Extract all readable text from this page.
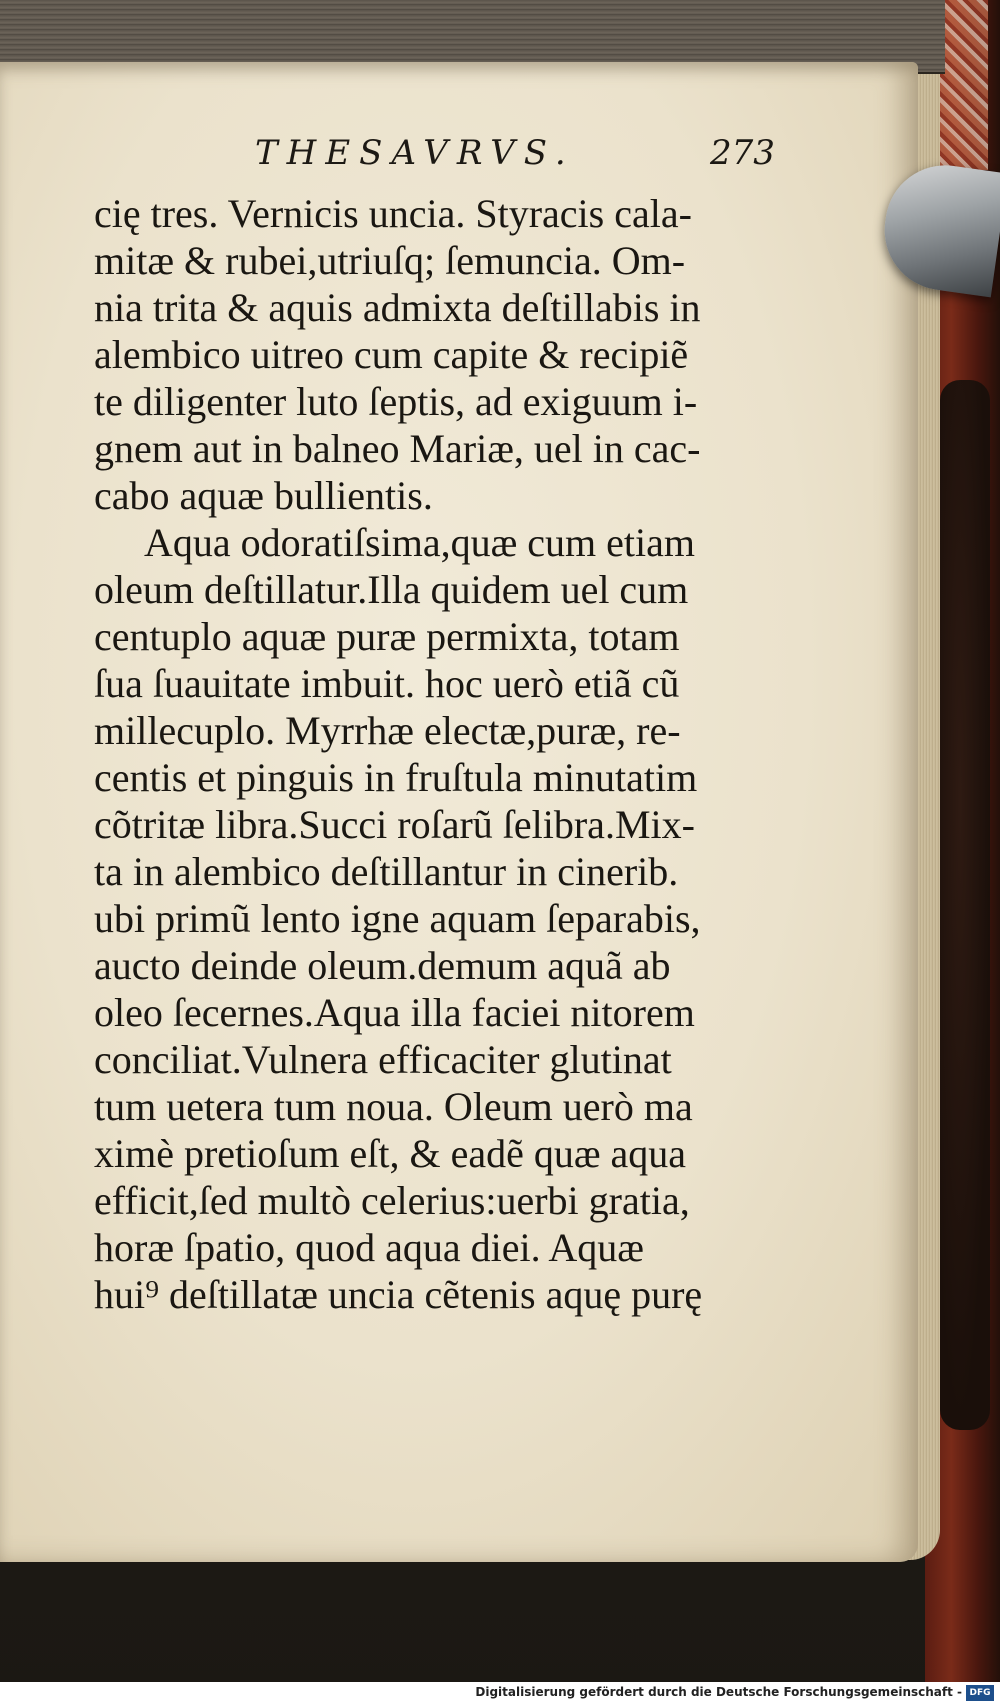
THESAVRVS.	273
cię tres. Vernicis uncia. Styracis cala-
mitæ & rubei,utriuſq; ſemuncia. Om-
nia trita & aquis admixta deſtillabis in
alembico uitreo cum capite & recipiẽ
te diligenter luto ſeptis, ad exiguum i-
gnem aut in balneo Mariæ, uel in cac-
cabo aquæ bullientis.
Aqua odoratiſsima,quæ cum etiam
oleum deſtillatur.Illa quidem uel cum
centuplo aquæ puræ permixta, totam
ſua ſuauitate imbuit. hoc uerò etiã cũ
millecuplo. Myrrhæ electæ,puræ, re-
centis et pinguis in fruſtula minutatim
cõtritæ libra.Succi roſarũ ſelibra.Mix-
ta in alembico deſtillantur in cinerib.
ubi primũ lento igne aquam ſeparabis,
aucto deinde oleum.demum aquã ab
oleo ſecernes.Aqua illa faciei nitorem
conciliat.Vulnera efficaciter glutinat
tum uetera tum noua. Oleum uerò ma
ximè pretioſum eſt, & eadẽ quæ aqua
efficit,ſed multò celerius:uerbi gratia,
horæ ſpatio, quod aqua diei. Aquæ
hui⁹ deſtillatæ uncia cẽtenis aquę purę
Digitalisierung gefördert durch die Deutsche Forschungsgemeinschaft - DFG
